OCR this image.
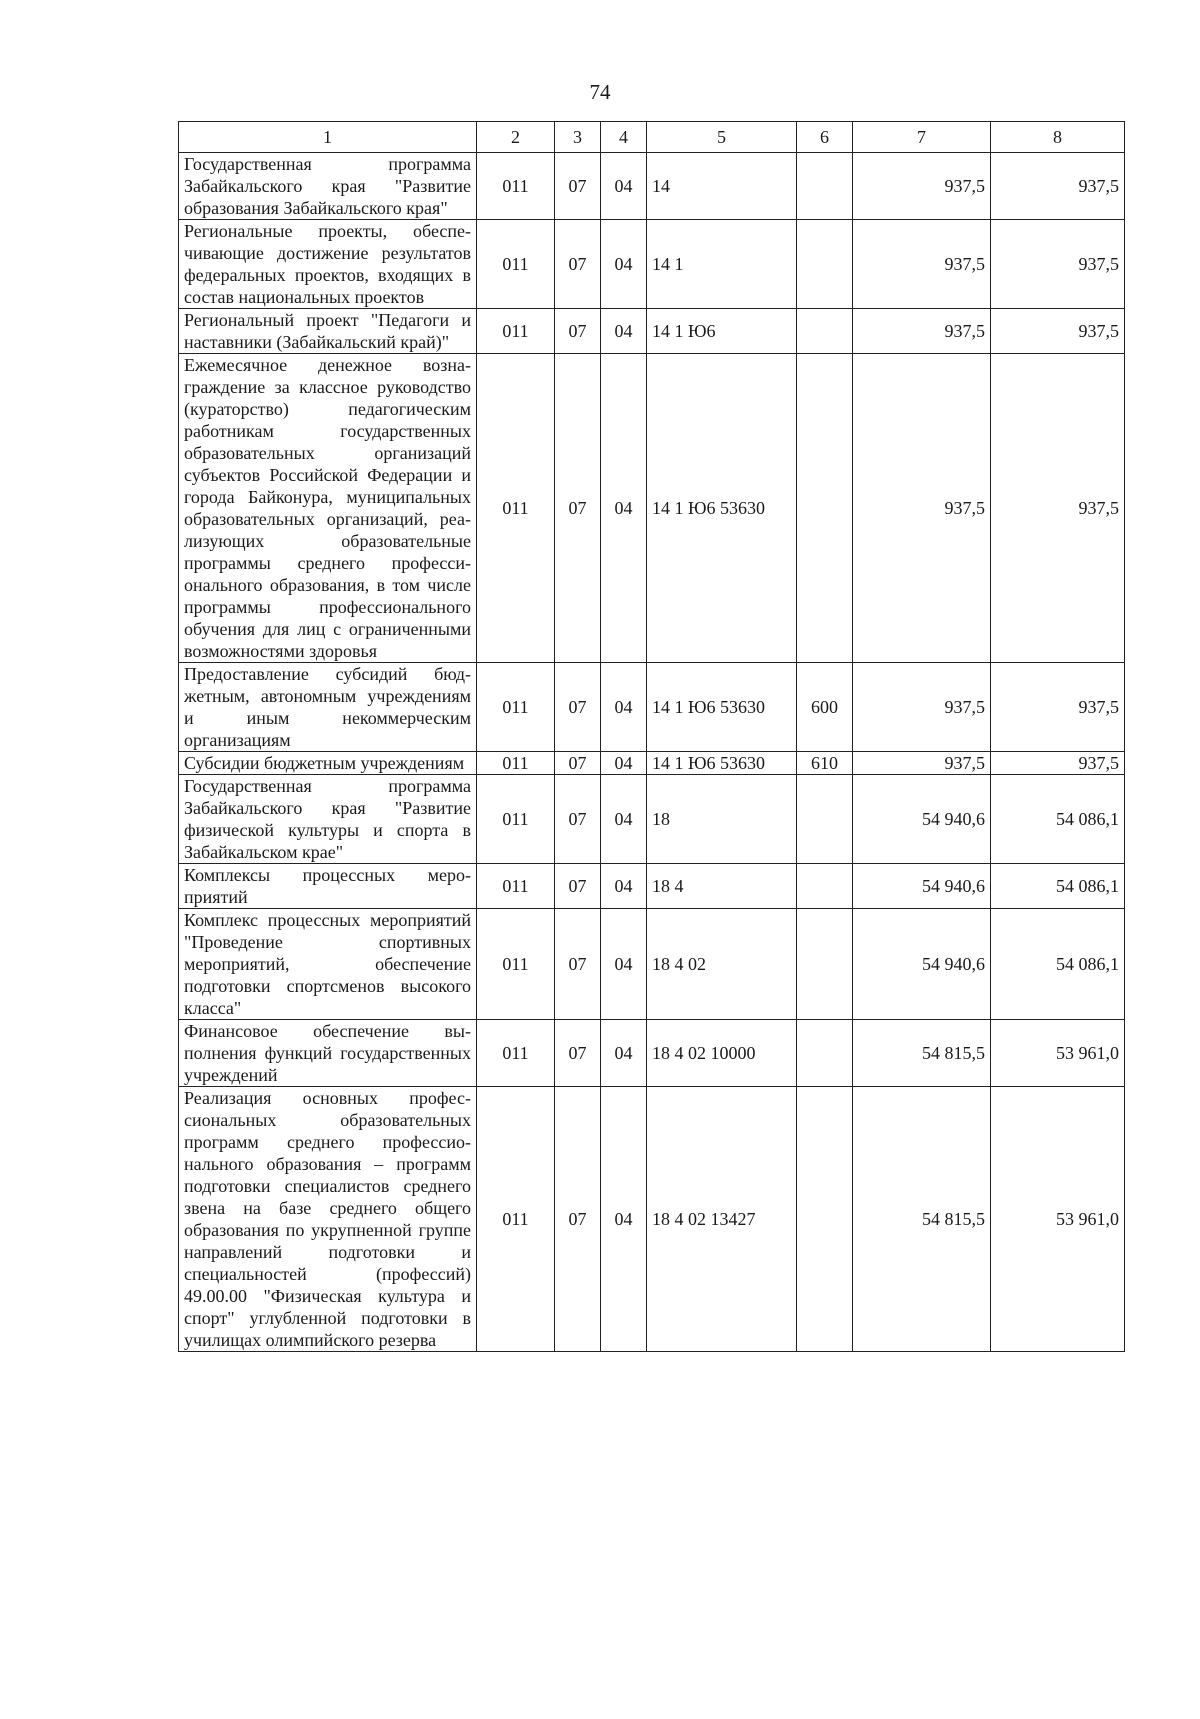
74
1	2	3	4	5	6	7	8
Государственная программа Забайкальского края "Развитие образования Забайкальского края"	011	07	04	14		937,5	937,5
Региональные проекты, обеспечивающие достижение результатов федеральных проектов, входящих в состав национальных проектов	011	07	04	14 1		937,5	937,5
Региональный проект "Педагоги и наставники (Забайкальский край)"	011	07	04	14 1 Ю6		937,5	937,5
Ежемесячное денежное вознаграждение за классное руководство (кураторство) педагогическим работникам государственных образовательных организаций субъектов Российской Федерации и города Байконура, муниципальных образовательных организаций, реализующих образовательные программы среднего профессионального образования, в том числе программы профессионального обучения для лиц с ограниченными возможностями здоровья	011	07	04	14 1 Ю6 53630		937,5	937,5
Предоставление субсидий бюджетным, автономным учреждениям и иным некоммерческим организациям	011	07	04	14 1 Ю6 53630	600	937,5	937,5
Субсидии бюджетным учреждениям	011	07	04	14 1 Ю6 53630	610	937,5	937,5
Государственная программа Забайкальского края "Развитие физической культуры и спорта в Забайкальском крае"	011	07	04	18		54 940,6	54 086,1
Комплексы процессных мероприятий	011	07	04	18 4		54 940,6	54 086,1
Комплекс процессных мероприятий "Проведение спортивных мероприятий, обеспечение подготовки спортсменов высокого класса"	011	07	04	18 4 02		54 940,6	54 086,1
Финансовое обеспечение выполнения функций государственных учреждений	011	07	04	18 4 02 10000		54 815,5	53 961,0
Реализация основных профессиональных образовательных программ среднего профессионального образования – программ подготовки специалистов среднего звена на базе среднего общего образования по укрупненной группе направлений подготовки и специальностей (профессий) 49.00.00 "Физическая культура и спорт" углубленной подготовки в училищах олимпийского резерва	011	07	04	18 4 02 13427		54 815,5	53 961,0
